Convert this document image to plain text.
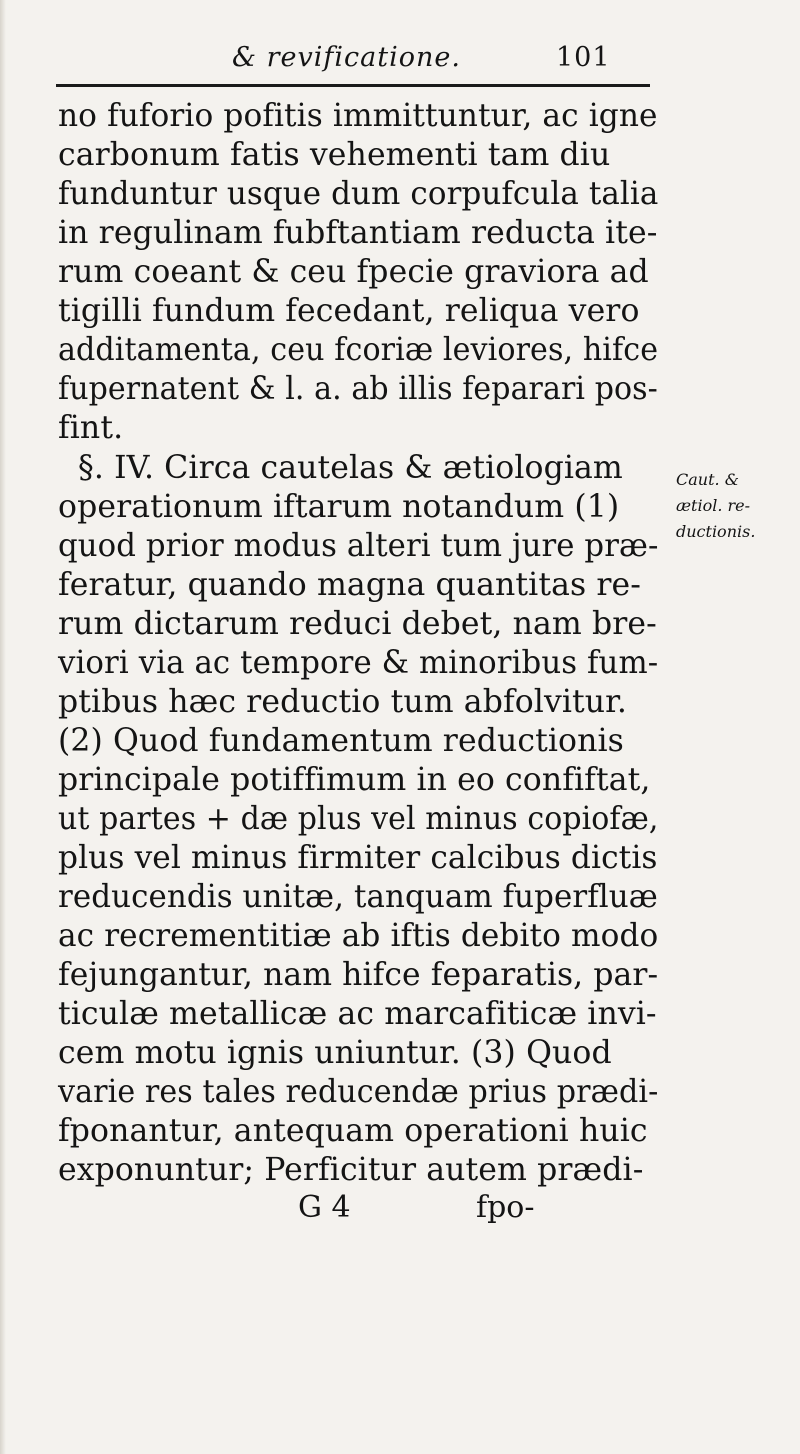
& revificatione.	101
no fuforio pofitis immittuntur, ac igne
carbonum fatis vehementi tam diu
funduntur usque dum corpufcula talia
in regulinam fubftantiam reducta ite-
rum coeant & ceu fpecie graviora ad
tigilli fundum fecedant, reliqua vero
additamenta, ceu fcoriæ leviores, hifce
fupernatent & l. a. ab illis feparari pos-
fint.
§. IV. Circa cautelas & ætiologiam
operationum iftarum notandum (1)
quod prior modus alteri tum jure præ-
feratur, quando magna quantitas re-
rum dictarum reduci debet, nam bre-
viori via ac tempore & minoribus fum-
ptibus hæc reductio tum abfolvitur.
(2) Quod fundamentum reductionis
principale potiffimum in eo confiftat,
ut partes + dæ plus vel minus copiofæ,
plus vel minus firmiter calcibus dictis
reducendis unitæ, tanquam fuperfluæ
ac recrementitiæ ab iftis debito modo
fejungantur, nam hifce feparatis, par-
ticulæ metallicæ ac marcafiticæ invi-
cem motu ignis uniuntur. (3) Quod
varie res tales reducendæ prius prædi-
fponantur, antequam operationi huic
exponuntur; Perficitur autem prædi-
G 4	fpo-
Caut. &
ætiol. re-
ductionis.
